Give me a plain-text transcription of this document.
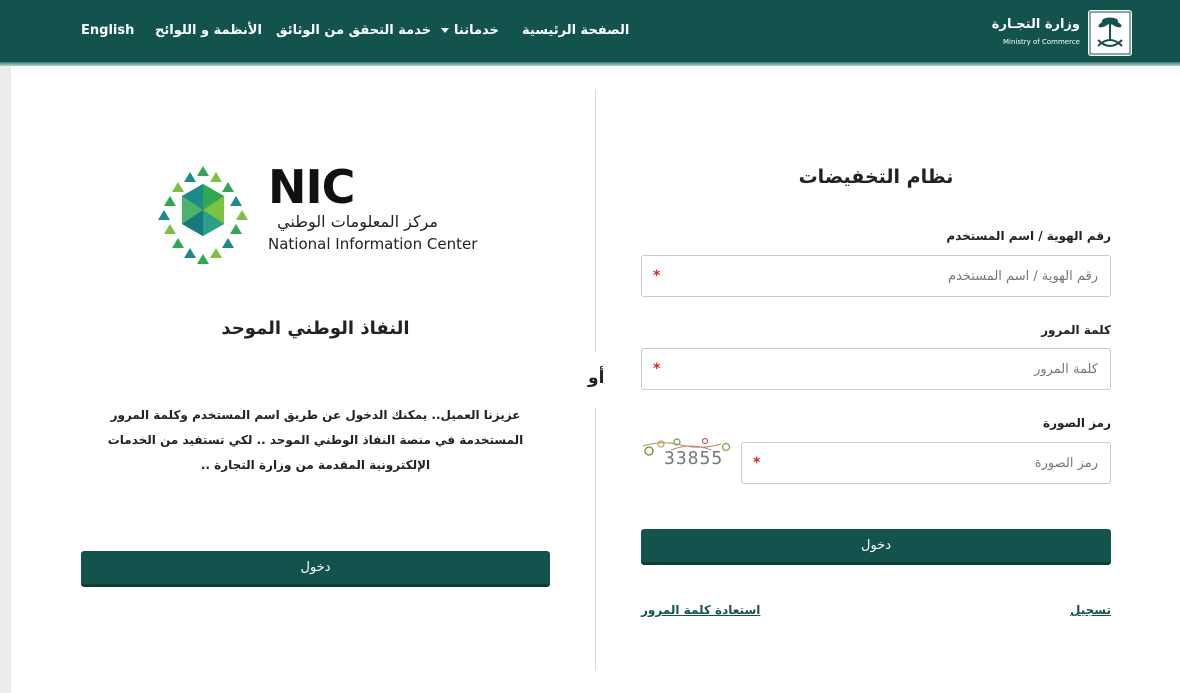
English الأنظمة و اللوائح خدمة التحقق من الوثائق	خدماتنا الصفحة الرئيسية	وزارة التجـارة
Ministry of Commerce
أو
نظام التخفيضات
رقم الهوية / اسم المستخدم
رقم الهوية / اسم المستخدم
*
كلمة المرور
*
رمز الصورة
33855
رمز الصورة *
دخول
تسجيل
استعادة كلمة المرور
NIC
مركز المعلومات الوطني
National Information Center
النفاذ الوطني الموحد
عزيزنا العميل.. يمكنك الدخول عن طريق اسم المستخدم وكلمة المرور المستخدمة في منصة النفاذ الوطني الموحد .. لكي تستفيد من الخدمات الإلكترونية المقدمة من وزارة التجارة ..
دخول
